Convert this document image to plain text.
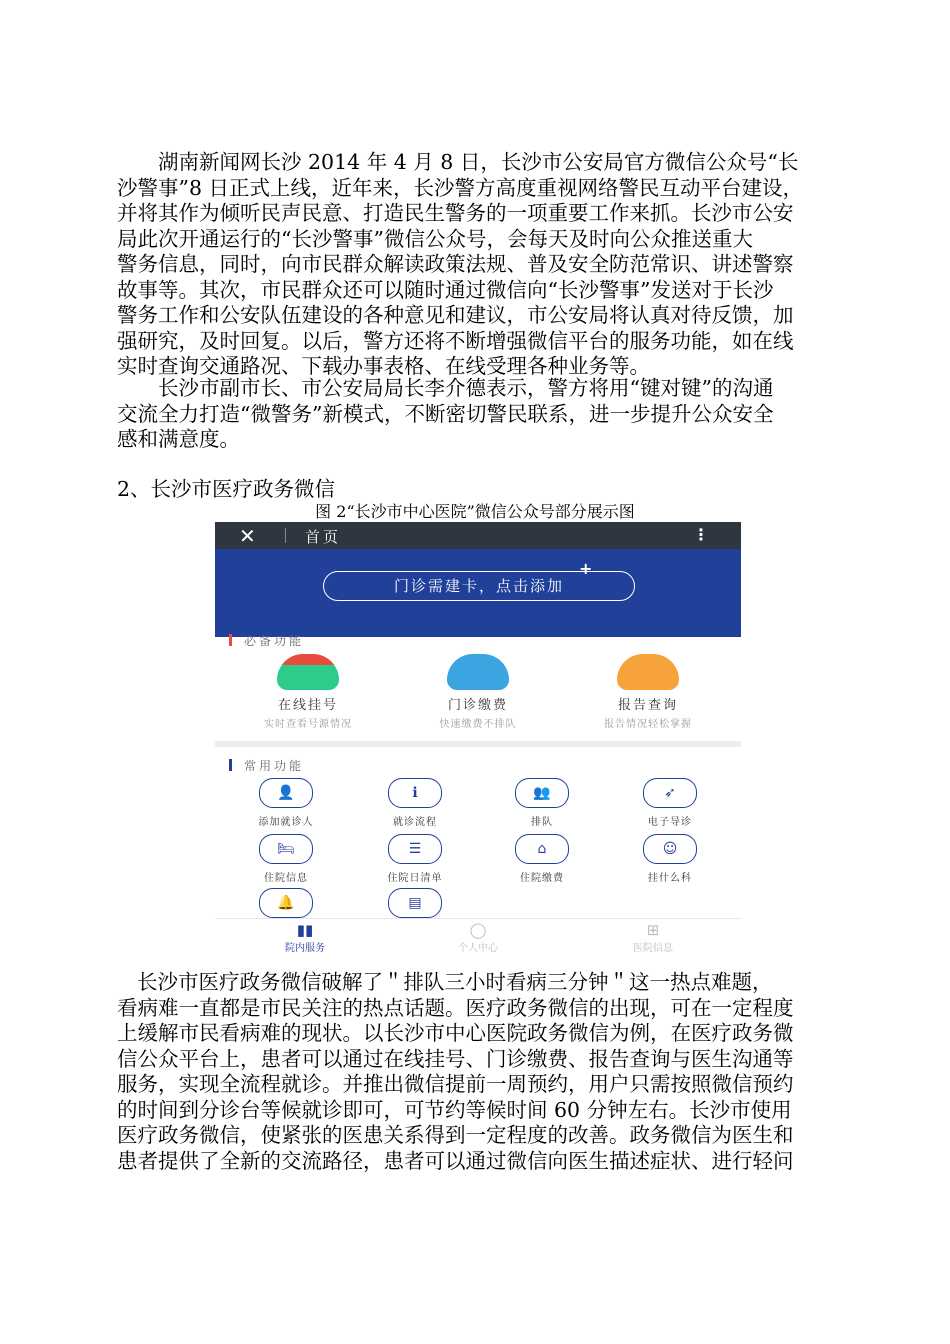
湖南新闻网长沙 2014 年 4 月 8 日，长沙市公安局官方微信公众号“长
沙警事”8 日正式上线，近年来，长沙警方高度重视网络警民互动平台建设，
并将其作为倾听民声民意、打造民生警务的一项重要工作来抓。长沙市公安
局此次开通运行的“长沙警事”微信公众号，会每天及时向公众推送重大
警务信息，同时，向市民群众解读政策法规、普及安全防范常识、讲述警察
故事等。其次，市民群众还可以随时通过微信向“长沙警事”发送对于长沙
警务工作和公安队伍建设的各种意见和建议，市公安局将认真对待反馈，加
强研究，及时回复。以后，警方还将不断增强微信平台的服务功能，如在线
实时查询交通路况、下载办事表格、在线受理各种业务等。
长沙市副市长、市公安局局长李介德表示，警方将用“键对键”的沟通
交流全力打造“微警务”新模式，不断密切警民联系，进一步提升公众安全
感和满意度。
2、长沙市医疗政务微信
图 2“长沙市中心医院”微信公众号部分展示图
✕	首页	⋮
+
门诊需建卡，点击添加
必备功能
在线挂号
实时查看号源情况
门诊缴费
快速缴费不排队
报告查询
报告情况轻松掌握
常用功能
👤
添加就诊人
ℹ
就诊流程
👥
排队
➶
电子导诊
🛏
住院信息
☰
住院日清单
⌂
住院缴费
☺
挂什么科
🔔	▤
▮▮
院内服务
◯
个人中心
⊞
医院信息
长沙市医疗政务微信破解了＂排队三小时看病三分钟＂这一热点难题，
看病难一直都是市民关注的热点话题。医疗政务微信的出现，可在一定程度
上缓解市民看病难的现状。以长沙市中心医院政务微信为例，在医疗政务微
信公众平台上，患者可以通过在线挂号、门诊缴费、报告查询与医生沟通等
服务，实现全流程就诊。并推出微信提前一周预约，用户只需按照微信预约
的时间到分诊台等候就诊即可，可节约等候时间 60 分钟左右。长沙市使用
医疗政务微信，使紧张的医患关系得到一定程度的改善。政务微信为医生和
患者提供了全新的交流路径，患者可以通过微信向医生描述症状、进行轻问
